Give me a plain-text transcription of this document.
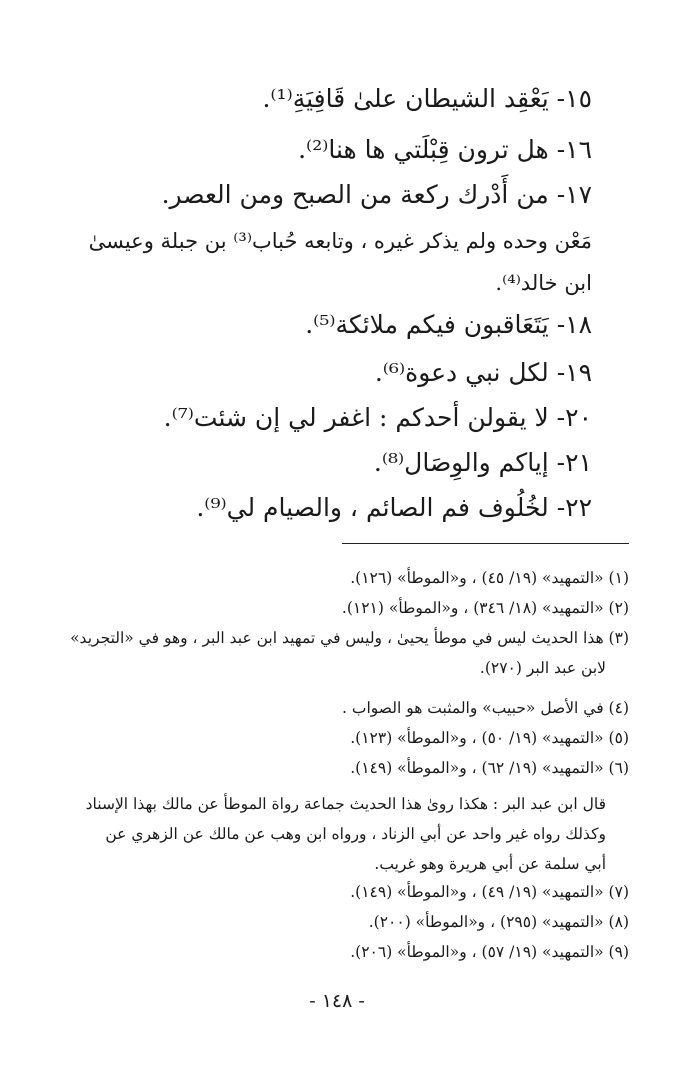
١٥- يَعْقِد الشيطان علىٰ قَافِيَةِ⁽¹⁾.
١٦- هل ترون قِبْلَتي ها هنا⁽²⁾.
١٧- من أَدْرك ركعة من الصبح ومن العصر.
مَعْن وحده ولم يذكر غيره ، وتابعه حُباب⁽³⁾ بن جبلة وعيسىٰ
ابن خالد⁽⁴⁾.
١٨- يَتَعَاقبون فيكم ملائكة⁽⁵⁾.
١٩- لكل نبي دعوة⁽⁶⁾.
٢٠- لا يقولن أحدكم : اغفر لي إن شئت⁽⁷⁾.
٢١- إياكم والوِصَال⁽⁸⁾.
٢٢- لخُلُوف فم الصائم ، والصيام لي⁽⁹⁾.
(١) «التمهيد» (١٩/ ٤٥) ، و«الموطأ» (١٢٦).
(٢) «التمهيد» (١٨/ ٣٤٦) ، و«الموطأ» (١٢١).
(٣) هذا الحديث ليس في موطأ يحيىٰ ، وليس في تمهيد ابن عبد البر ، وهو في «التجريد»
لابن عبد البر (٢٧٠).
(٤) في الأصل «حبيب» والمثبت هو الصواب .
(٥) «التمهيد» (١٩/ ٥٠) ، و«الموطأ» (١٢٣).
(٦) «التمهيد» (١٩/ ٦٢) ، و«الموطأ» (١٤٩).
قال ابن عبد البر : هكذا روىٰ هذا الحديث جماعة رواة الموطأ عن مالك بهذا الإسناد
وكذلك رواه غير واحد عن أبي الزناد ، ورواه ابن وهب عن مالك عن الزهري عن
أبي سلمة عن أبي هريرة وهو غريب.
(٧) «التمهيد» (١٩/ ٤٩) ، و«الموطأ» (١٤٩).
(٨) «التمهيد» (٢٩٥) ، و«الموطأ» (٢٠٠).
(٩) «التمهيد» (١٩/ ٥٧) ، و«الموطأ» (٢٠٦).
- ١٤٨ -
